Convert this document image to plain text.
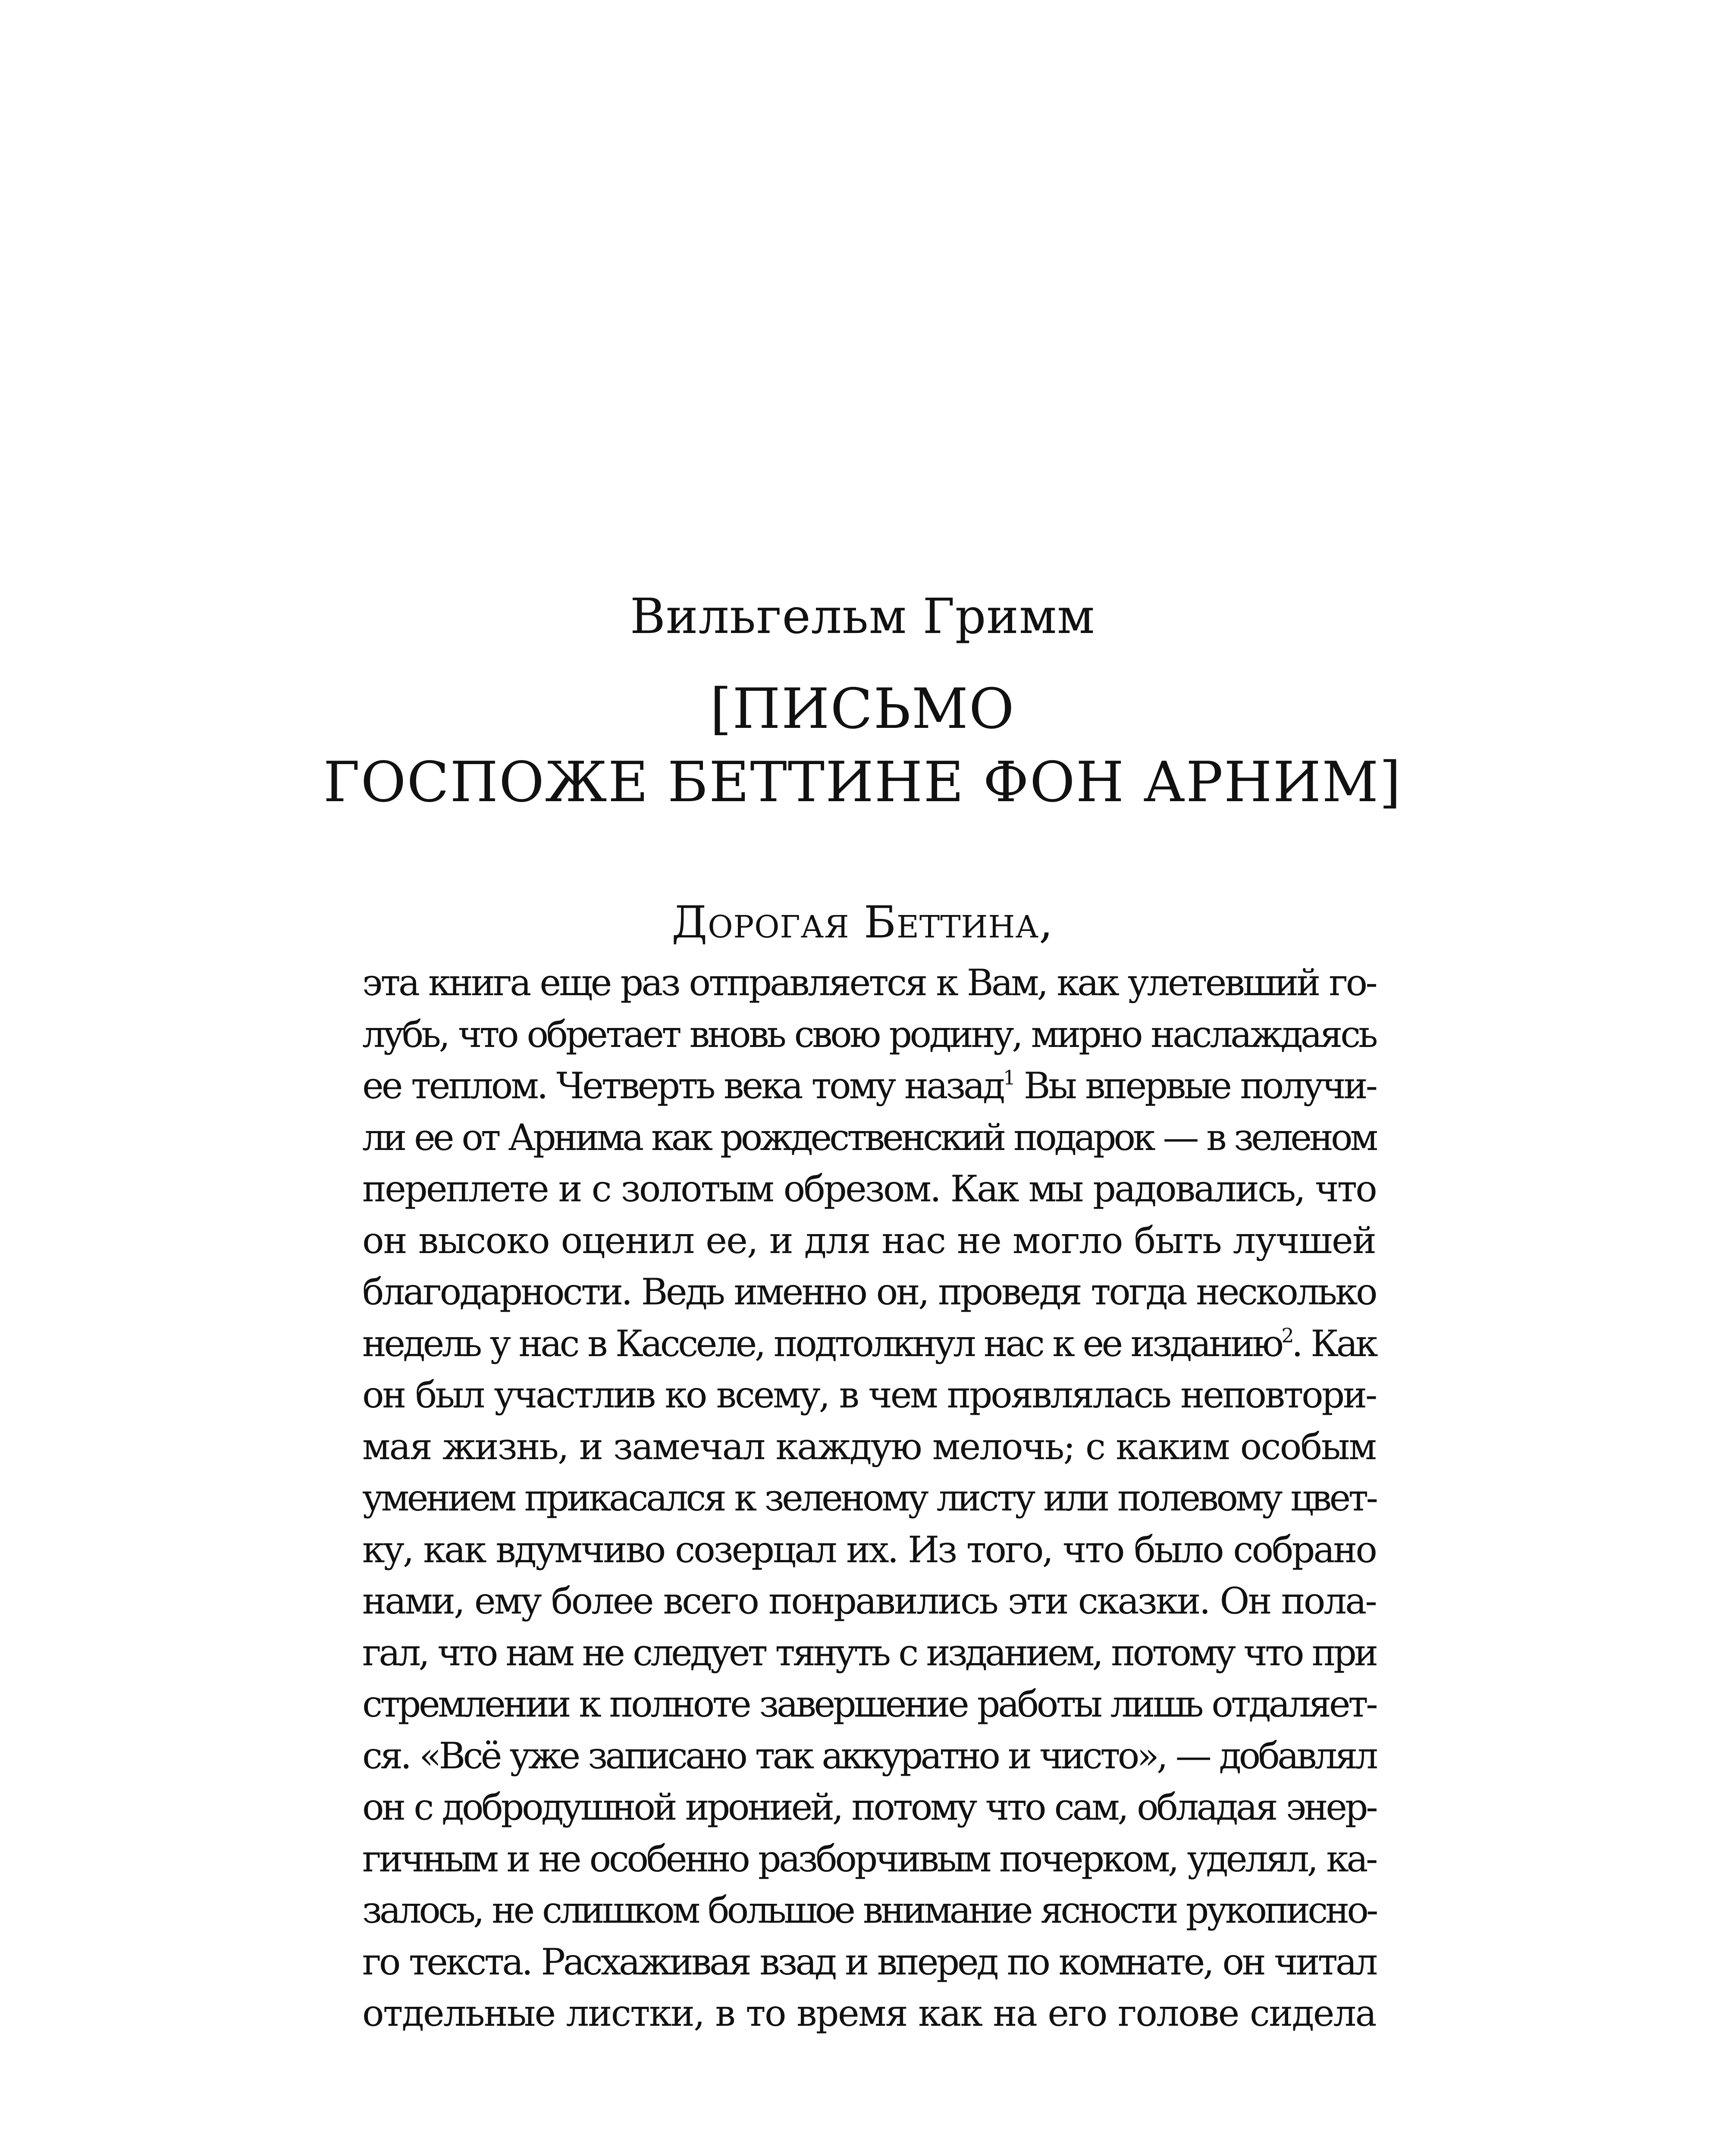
Вильгельм Гримм
[ПИСЬМО
ГОСПОЖЕ БЕТТИНЕ ФОН АРНИМ]
Дорогая Беттина,
эта книга еще раз отправляется к Вам, как улетевший го-
лубь, что обретает вновь свою родину, мирно наслаждаясь
ее теплом. Четверть века тому назад$^1$ Вы впервые получи-
ли ее от Арнима как рождественский подарок — в зеленом
переплете и с золотым обрезом. Как мы радовались, что
он высоко оценил ее, и для нас не могло быть лучшей
благодарности. Ведь именно он, проведя тогда несколько
недель у нас в Касселе, подтолкнул нас к ее изданию$^2$. Как
он был участлив ко всему, в чем проявлялась неповтори-
мая жизнь, и замечал каждую мелочь; с каким особым
умением прикасался к зеленому листу или полевому цвет-
ку, как вдумчиво созерцал их. Из того, что было собрано
нами, ему более всего понравились эти сказки. Он пола-
гал, что нам не следует тянуть с изданием, потому что при
стремлении к полноте завершение работы лишь отдаляет-
ся. «Всё уже записано так аккуратно и чисто», — добавлял
он с добродушной иронией, потому что сам, обладая энер-
гичным и не особенно разборчивым почерком, уделял, ка-
залось, не слишком большое внимание ясности рукописно-
го текста. Расхаживая взад и вперед по комнате, он читал
отдельные листки, в то время как на его голове сидела
